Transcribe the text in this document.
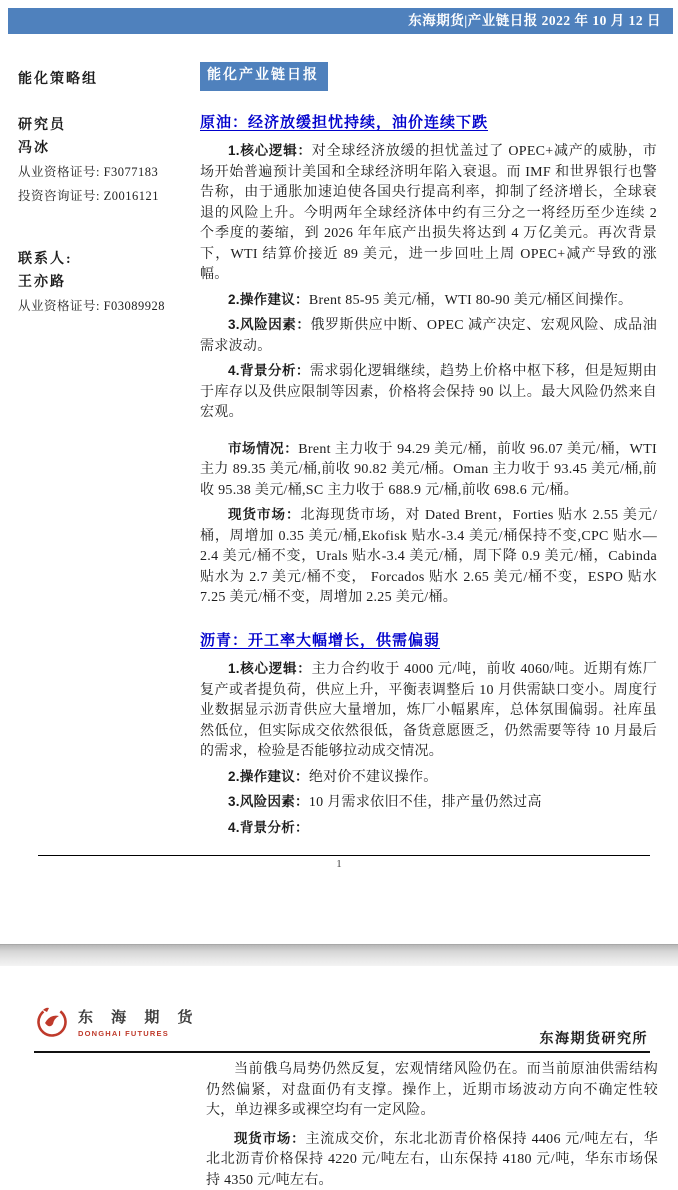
东海期货|产业链日报 2022 年 10 月 12 日
能化策略组
研究员
冯冰
从业资格证号: F3077183
投资咨询证号: Z0016121
联系人:
王亦路
从业资格证号: F03089928
能化产业链日报
原油：经济放缓担忧持续，油价连续下跌

1.核心逻辑：对全球经济放缓的担忧盖过了 OPEC+减产的威胁，市场开始普遍预计美国和全球经济明年陷入衰退。而 IMF 和世界银行也警告称，由于通胀加速迫使各国央行提高利率，抑制了经济增长，全球衰退的风险上升。今明两年全球经济体中约有三分之一将经历至少连续 2 个季度的萎缩，到 2026 年年底产出损失将达到 4 万亿美元。再次背景下，WTI 结算价接近 89 美元，进一步回吐上周 OPEC+减产导致的涨幅。

2.操作建议：Brent 85-95 美元/桶，WTI 80-90 美元/桶区间操作。

3.风险因素：俄罗斯供应中断、OPEC 减产决定、宏观风险、成品油需求波动。

4.背景分析：需求弱化逻辑继续，趋势上价格中枢下移，但是短期由于库存以及供应限制等因素，价格将会保持 90 以上。最大风险仍然来自宏观。

市场情况：Brent 主力收于 94.29 美元/桶，前收 96.07 美元/桶，WTI 主力 89.35 美元/桶,前收 90.82 美元/桶。Oman 主力收于 93.45 美元/桶,前收 95.38 美元/桶,SC 主力收于 688.9 元/桶,前收 698.6 元/桶。

现货市场：北海现货市场，对 Dated Brent，Forties 贴水 2.55 美元/桶，周增加 0.35 美元/桶,Ekofisk 贴水-3.4 美元/桶保持不变,CPC 贴水—2.4 美元/桶不变，Urals 贴水-3.4 美元/桶，周下降 0.9 美元/桶，Cabinda 贴水为 2.7 美元/桶不变， Forcados 贴水 2.65 美元/桶不变，ESPO 贴水 7.25 美元/桶不变，周增加 2.25 美元/桶。

沥青：开工率大幅增长，供需偏弱

1.核心逻辑：主力合约收于 4000 元/吨，前收 4060/吨。近期有炼厂复产或者提负荷，供应上升，平衡表调整后 10 月供需缺口变小。周度行业数据显示沥青供应大量增加，炼厂小幅累库，总体氛围偏弱。社库虽然低位，但实际成交依然很低，备货意愿匮乏，仍然需要等待 10 月最后的需求，检验是否能够拉动成交情况。

2.操作建议：绝对价不建议操作。

3.风险因素：10 月需求依旧不佳，排产量仍然过高

4.背景分析：

1
东 海 期 货
DONGHAI FUTURES	东海期货研究所

当前俄乌局势仍然反复，宏观情绪风险仍在。而当前原油供需结构仍然偏紧，对盘面仍有支撑。操作上，近期市场波动方向不确定性较大，单边裸多或裸空均有一定风险。

现货市场：主流成交价，东北北沥青价格保持 4406 元/吨左右，华北北沥青价格保持 4220 元/吨左右，山东保持 4180 元/吨，华东市场保持 4350 元/吨左右。
